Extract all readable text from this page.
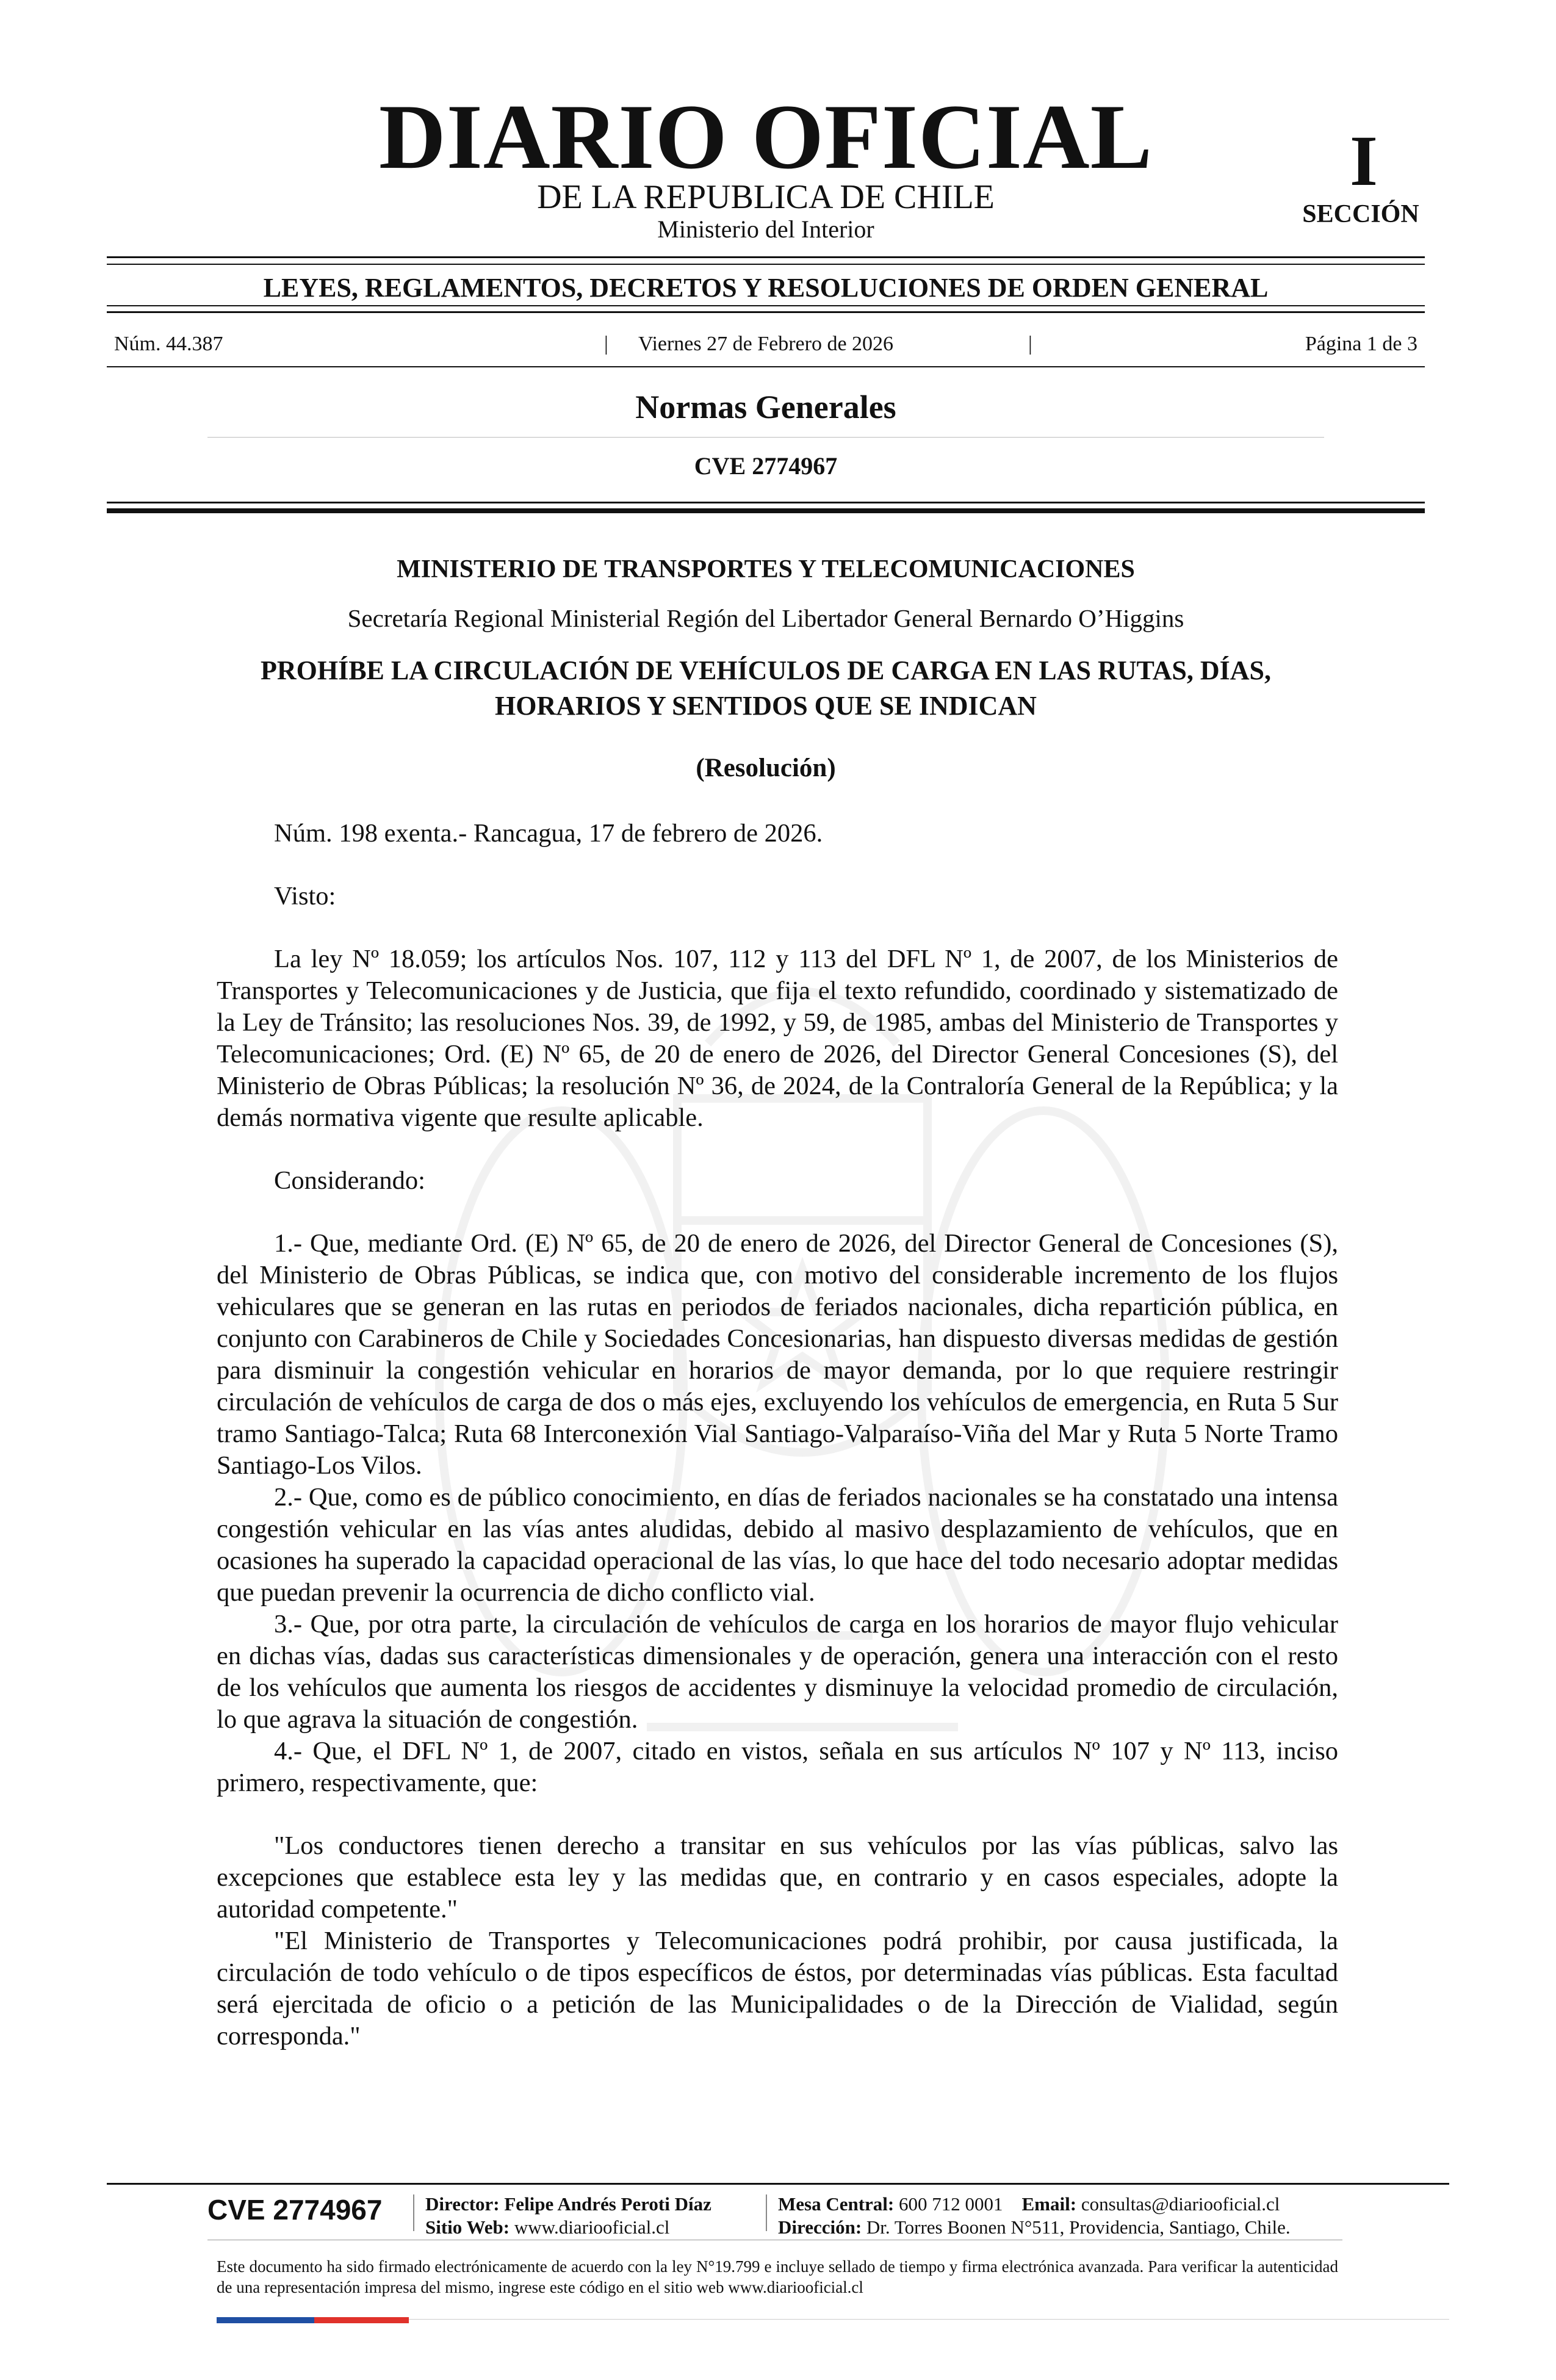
DIARIO OFICIAL
DE LA REPUBLICA DE CHILE
Ministerio del Interior
I
SECCIÓN
LEYES, REGLAMENTOS, DECRETOS Y RESOLUCIONES DE ORDEN GENERAL
Núm. 44.387	|	Viernes 27 de Febrero de 2026	|	Página 1 de 3
Normas Generales
CVE 2774967
MINISTERIO DE TRANSPORTES Y TELECOMUNICACIONES
Secretaría Regional Ministerial Región del Libertador General Bernardo O’Higgins
PROHÍBE LA CIRCULACIÓN DE VEHÍCULOS DE CARGA EN LAS RUTAS, DÍAS, HORARIOS Y SENTIDOS QUE SE INDICAN
(Resolución)

Núm. 198 exenta.- Rancagua, 17 de febrero de 2026.

Visto:

La ley Nº 18.059; los artículos Nos. 107, 112 y 113 del DFL Nº 1, de 2007, de los Ministerios de Transportes y Telecomunicaciones y de Justicia, que fija el texto refundido, coordinado y sistematizado de la Ley de Tránsito; las resoluciones Nos. 39, de 1992, y 59, de 1985, ambas del Ministerio de Transportes y Telecomunicaciones; Ord. (E) Nº 65, de 20 de enero de 2026, del Director General Concesiones (S), del Ministerio de Obras Públicas; la resolución Nº 36, de 2024, de la Contraloría General de la República; y la demás normativa vigente que resulte aplicable.

Considerando:

1.- Que, mediante Ord. (E) Nº 65, de 20 de enero de 2026, del Director General de Concesiones (S), del Ministerio de Obras Públicas, se indica que, con motivo del considerable incremento de los flujos vehiculares que se generan en las rutas en periodos de feriados nacionales, dicha repartición pública, en conjunto con Carabineros de Chile y Sociedades Concesionarias, han dispuesto diversas medidas de gestión para disminuir la congestión vehicular en horarios de mayor demanda, por lo que requiere restringir circulación de vehículos de carga de dos o más ejes, excluyendo los vehículos de emergencia, en Ruta 5 Sur tramo Santiago-Talca; Ruta 68 Interconexión Vial Santiago-Valparaíso-Viña del Mar y Ruta 5 Norte Tramo Santiago-Los Vilos.

2.- Que, como es de público conocimiento, en días de feriados nacionales se ha constatado una intensa congestión vehicular en las vías antes aludidas, debido al masivo desplazamiento de vehículos, que en ocasiones ha superado la capacidad operacional de las vías, lo que hace del todo necesario adoptar medidas que puedan prevenir la ocurrencia de dicho conflicto vial.

3.- Que, por otra parte, la circulación de vehículos de carga en los horarios de mayor flujo vehicular en dichas vías, dadas sus características dimensionales y de operación, genera una interacción con el resto de los vehículos que aumenta los riesgos de accidentes y disminuye la velocidad promedio de circulación, lo que agrava la situación de congestión.

4.- Que, el DFL Nº 1, de 2007, citado en vistos, señala en sus artículos Nº 107 y Nº 113, inciso primero, respectivamente, que:

"Los conductores tienen derecho a transitar en sus vehículos por las vías públicas, salvo las excepciones que establece esta ley y las medidas que, en contrario y en casos especiales, adopte la autoridad competente."

"El Ministerio de Transportes y Telecomunicaciones podrá prohibir, por causa justificada, la circulación de todo vehículo o de tipos específicos de éstos, por determinadas vías públicas. Esta facultad será ejercitada de oficio o a petición de las Municipalidades o de la Dirección de Vialidad, según corresponda."

CVE 2774967 Director: Felipe Andrés Peroti Díaz
Sitio Web: www.diariooficial.cl
Mesa Central: 600 712 0001 Email: consultas@diariooficial.cl
Dirección: Dr. Torres Boonen N°511, Providencia, Santiago, Chile.
Este documento ha sido firmado electrónicamente de acuerdo con la ley N°19.799 e incluye sellado de tiempo y firma electrónica avanzada. Para verificar la autenticidad de una representación impresa del mismo, ingrese este código en el sitio web www.diariooficial.cl
